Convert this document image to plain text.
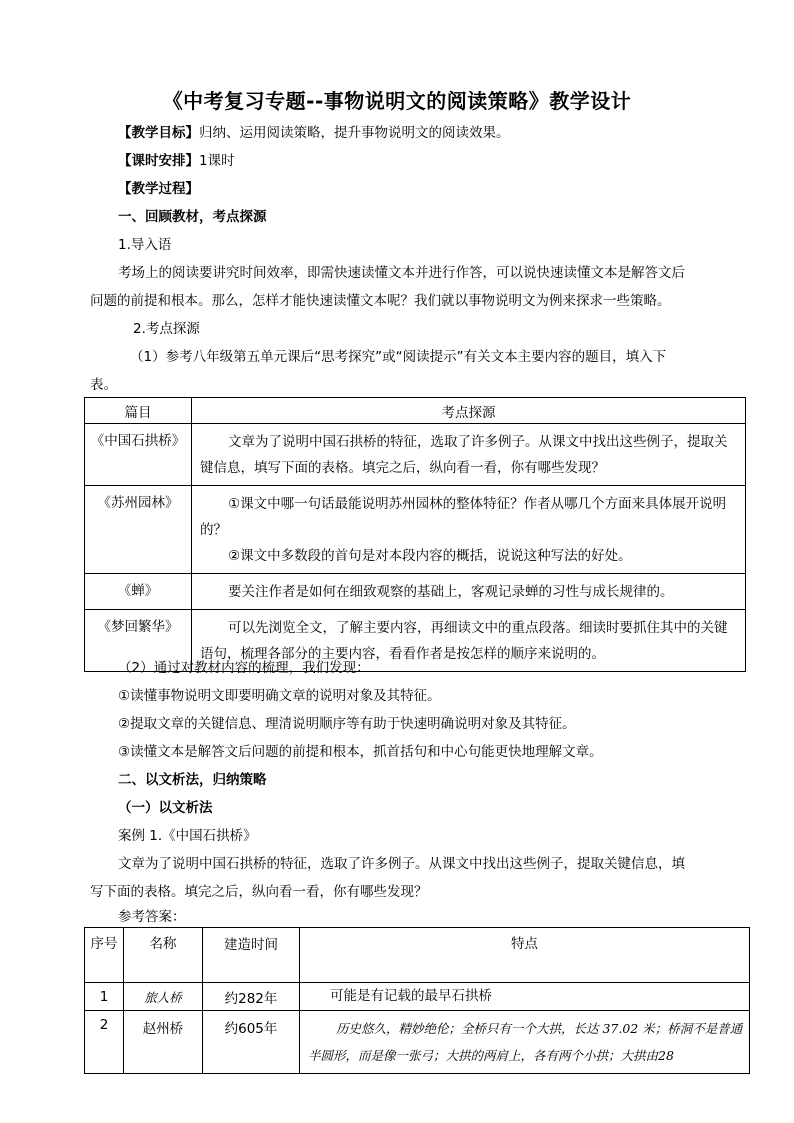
《中考复习专题--事物说明文的阅读策略》教学设计
【教学目标】归纳、运用阅读策略，提升事物说明文的阅读效果。
【课时安排】1课时
【教学过程】
一、回顾教材，考点探源
1.导入语
考场上的阅读要讲究时间效率，即需快速读懂文本并进行作答，可以说快速读懂文本是解答文后
问题的前提和根本。那么，怎样才能快速读懂文本呢？我们就以事物说明文为例来探求一些策略。
2.考点探源
（1）参考八年级第五单元课后“思考探究”或“阅读提示”有关文本主要内容的题目，填入下
表。
篇目	考点探源
《中国石拱桥》	文章为了说明中国石拱桥的特征，选取了许多例子。从课文中找出这些例子，提取关键信息，填写下面的表格。填完之后，纵向看一看，你有哪些发现？

《苏州园林》	①课文中哪一句话最能说明苏州园林的整体特征？作者从哪几个方面来具体展开说明的？

②课文中多数段的首句是对本段内容的概括，说说这种写法的好处。

《蝉》	要关注作者是如何在细致观察的基础上，客观记录蝉的习性与成长规律的。

《梦回繁华》	可以先浏览全文，了解主要内容，再细读文中的重点段落。细读时要抓住其中的关键语句，梳理各部分的主要内容，看看作者是按怎样的顺序来说明的。

（2）通过对教材内容的梳理，我们发现：
①读懂事物说明文即要明确文章的说明对象及其特征。
②提取文章的关键信息、理清说明顺序等有助于快速明确说明对象及其特征。
③读懂文本是解答文后问题的前提和根本，抓首括句和中心句能更快地理解文章。
二、以文析法，归纳策略
（一）以文析法
案例 1.《中国石拱桥》
文章为了说明中国石拱桥的特征，选取了许多例子。从课文中找出这些例子，提取关键信息，填
写下面的表格。填完之后，纵向看一看，你有哪些发现？
参考答案：
序号	名称	建造时间	特点
1	旅人桥	约282年	可能是有记载的最早石拱桥
2	赵州桥	约605年	历史悠久，精妙绝伦；全桥只有一个大拱，长达 37.02 米；桥洞不是普通半圆形，而是像一张弓；大拱的两肩上，各有两个小拱；大拱由28
